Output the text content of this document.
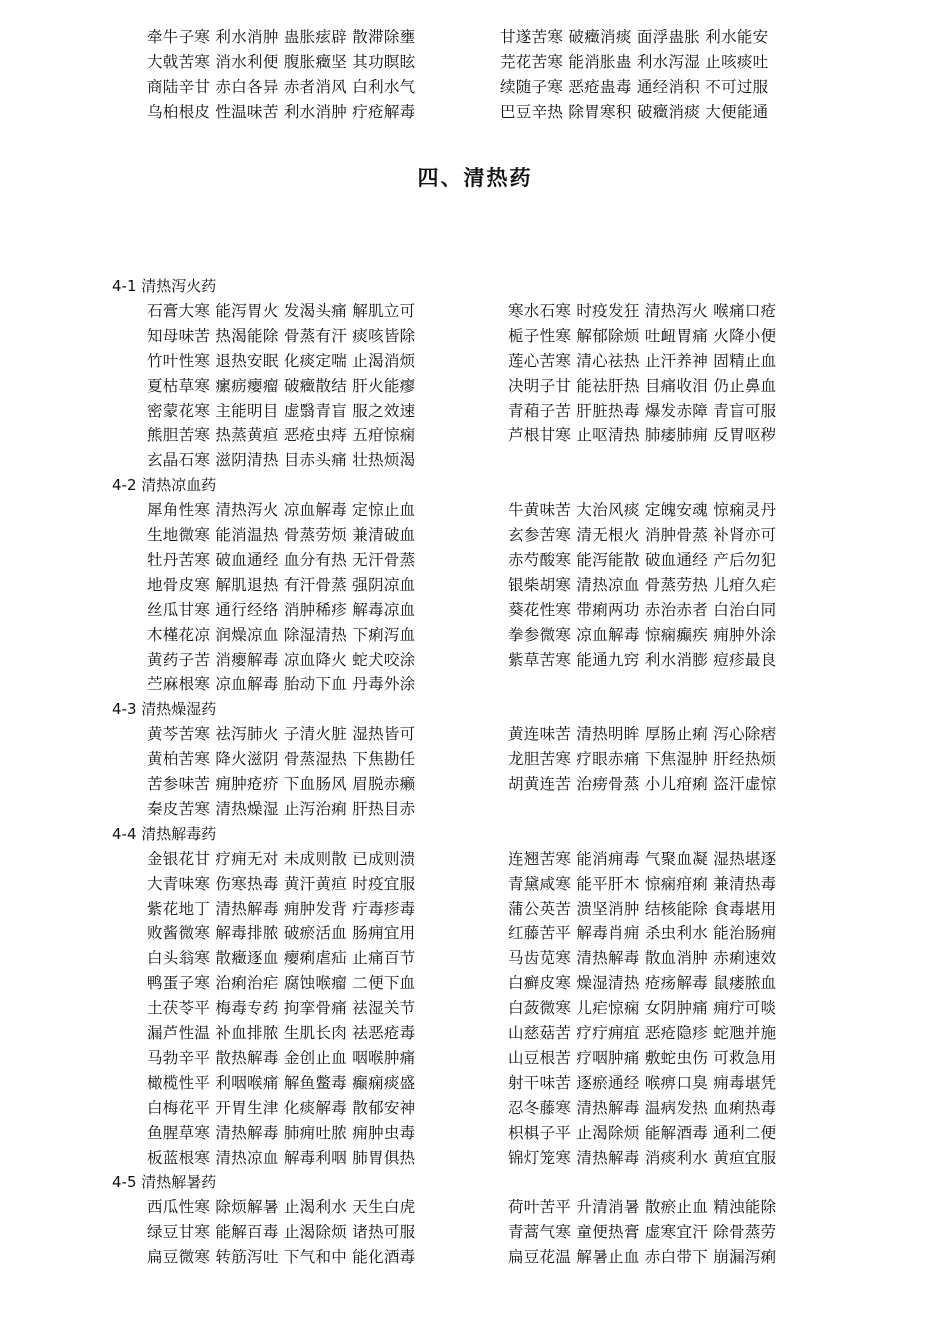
牵牛子寒 利水消肿 蛊胀痃辟 散滞除壅	甘遂苦寒 破癥消痰 面浮蛊胀 利水能安
大戟苦寒 消水利便 腹胀癥坚 其功瞑眩	芫花苦寒 能消胀蛊 利水泻湿 止咳痰吐
商陆辛甘 赤白各异 赤者消风 白利水气	续随子寒 恶疮蛊毒 通经消积 不可过服
乌桕根皮 性温味苦 利水消肿 疔疮解毒	巴豆辛热 除胃寒积 破癥消痰 大便能通
四、清热药
4-1 清热泻火药
石膏大寒 能泻胃火 发渴头痛 解肌立可	寒水石寒 时疫发狂 清热泻火 喉痛口疮
知母味苦 热渴能除 骨蒸有汗 痰咳皆除	栀子性寒 解郁除烦 吐衄胃痛 火降小便
竹叶性寒 退热安眠 化痰定喘 止渴消烦	莲心苦寒 清心祛热 止汗养神 固精止血
夏枯草寒 瘰疬瘿瘤 破癥散结 肝火能瘳	决明子甘 能祛肝热 目痛收泪 仍止鼻血
密蒙花寒 主能明目 虚翳青盲 服之效速	青葙子苦 肝脏热毒 爆发赤障 青盲可服
熊胆苦寒 热蒸黄疸 恶疮虫痔 五疳惊痫	芦根甘寒 止呕清热 肺痿肺痈 反胃呕秽
玄晶石寒 滋阴清热 目赤头痛 壮热烦渴
4-2 清热凉血药
犀角性寒 清热泻火 凉血解毒 定惊止血	牛黄味苦 大治风痰 定魄安魂 惊痫灵丹
生地微寒 能消温热 骨蒸劳烦 兼清破血	玄参苦寒 清无根火 消肿骨蒸 补肾亦可
牡丹苦寒 破血通经 血分有热 无汗骨蒸	赤芍酸寒 能泻能散 破血通经 产后勿犯
地骨皮寒 解肌退热 有汗骨蒸 强阴凉血	银柴胡寒 清热凉血 骨蒸劳热 儿疳久疟
丝瓜甘寒 通行经络 消肿稀疹 解毒凉血	葵花性寒 带痢两功 赤治赤者 白治白同
木槿花凉 润燥凉血 除湿清热 下痢泻血	拳参微寒 凉血解毒 惊痫癫疾 痈肿外涂
黄药子苦 消瘿解毒 凉血降火 蛇犬咬涂	紫草苦寒 能通九窍 利水消膨 痘疹最良
苎麻根寒 凉血解毒 胎动下血 丹毒外涂
4-3 清热燥湿药
黄芩苦寒 祛泻肺火 子清火脏 湿热皆可	黄连味苦 清热明眸 厚肠止痢 泻心除痞
黄柏苦寒 降火滋阴 骨蒸湿热 下焦勘任	龙胆苦寒 疗眼赤痛 下焦湿肿 肝经热烦
苦参味苦 痈肿疮疥 下血肠风 眉脱赤癞	胡黄连苦 治痨骨蒸 小儿疳痢 盗汗虚惊
秦皮苦寒 清热燥湿 止泻治痢 肝热目赤
4-4 清热解毒药
金银花甘 疗痈无对 未成则散 已成则溃	连翘苦寒 能消痈毒 气聚血凝 湿热堪逐
大青味寒 伤寒热毒 黄汗黄疸 时疫宜服	青黛咸寒 能平肝木 惊痫疳痢 兼清热毒
紫花地丁 清热解毒 痈肿发背 疔毒疹毒	蒲公英苦 溃坚消肿 结核能除 食毒堪用
败酱微寒 解毒排脓 破瘀活血 肠痈宜用	红藤苦平 解毒肖痈 杀虫利水 能治肠痈
白头翁寒 散癥逐血 瘿痢虐疝 止痛百节	马齿苋寒 清热解毒 散血消肿 赤痢速效
鸭蛋子寒 治痢治疟 腐蚀喉瘤 二便下血	白癣皮寒 燥湿清热 疮疡解毒 鼠瘘脓血
土茯苓平 梅毒专药 拘挛骨痛 祛湿关节	白蔹微寒 儿疟惊痫 女阴肿痛 痈疔可啖
漏芦性温 补血排脓 生肌长肉 祛恶疮毒	山慈菇苦 疗疔痈疽 恶疮隐疹 蛇虺并施
马勃辛平 散热解毒 金创止血 咽喉肿痛	山豆根苦 疗咽肿痛 敷蛇虫伤 可救急用
橄榄性平 利咽喉痛 解鱼鳖毒 癫痫痰盛	射干味苦 逐瘀通经 喉痹口臭 痈毒堪凭
白梅花平 开胃生津 化痰解毒 散郁安神	忍冬藤寒 清热解毒 温病发热 血痢热毒
鱼腥草寒 清热解毒 肺痈吐脓 痈肿虫毒	枳椇子平 止渴除烦 能解酒毒 通利二便
板蓝根寒 清热凉血 解毒利咽 肺胃俱热	锦灯笼寒 清热解毒 消痰利水 黄疸宜服
4-5 清热解暑药
西瓜性寒 除烦解暑 止渴利水 天生白虎	荷叶苦平 升清消暑 散瘀止血 精浊能除
绿豆甘寒 能解百毒 止渴除烦 诸热可服	青蒿气寒 童便热膏 虚寒宜汗 除骨蒸劳
扁豆微寒 转筋泻吐 下气和中 能化酒毒	扁豆花温 解暑止血 赤白带下 崩漏泻痢
